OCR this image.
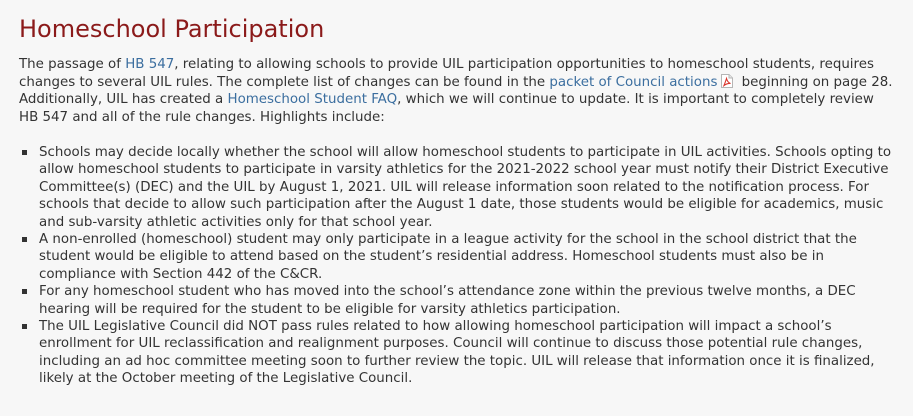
Homeschool Participation

The passage of HB 547, relating to allowing schools to provide UIL participation opportunities to homeschool students, requires changes to several UIL rules. The complete list of changes can be found in the packet of Council actions beginning on page 28. Additionally, UIL has created a Homeschool Student FAQ, which we will continue to update. It is important to completely review HB 547 and all of the rule changes. Highlights include:

Schools may decide locally whether the school will allow homeschool students to participate in UIL activities. Schools opting to allow homeschool students to participate in varsity athletics for the 2021-2022 school year must notify their District Executive Committee(s) (DEC) and the UIL by August 1, 2021. UIL will release information soon related to the notification process. For schools that decide to allow such participation after the August 1 date, those students would be eligible for academics, music and sub-varsity athletic activities only for that school year.
A non-enrolled (homeschool) student may only participate in a league activity for the school in the school district that the student would be eligible to attend based on the student’s residential address. Homeschool students must also be in compliance with Section 442 of the C&CR.
For any homeschool student who has moved into the school’s attendance zone within the previous twelve months, a DEC hearing will be required for the student to be eligible for varsity athletics participation.
The UIL Legislative Council did NOT pass rules related to how allowing homeschool participation will impact a school’s enrollment for UIL reclassification and realignment purposes. Council will continue to discuss those potential rule changes, including an ad hoc committee meeting soon to further review the topic. UIL will release that information once it is finalized, likely at the October meeting of the Legislative Council.
